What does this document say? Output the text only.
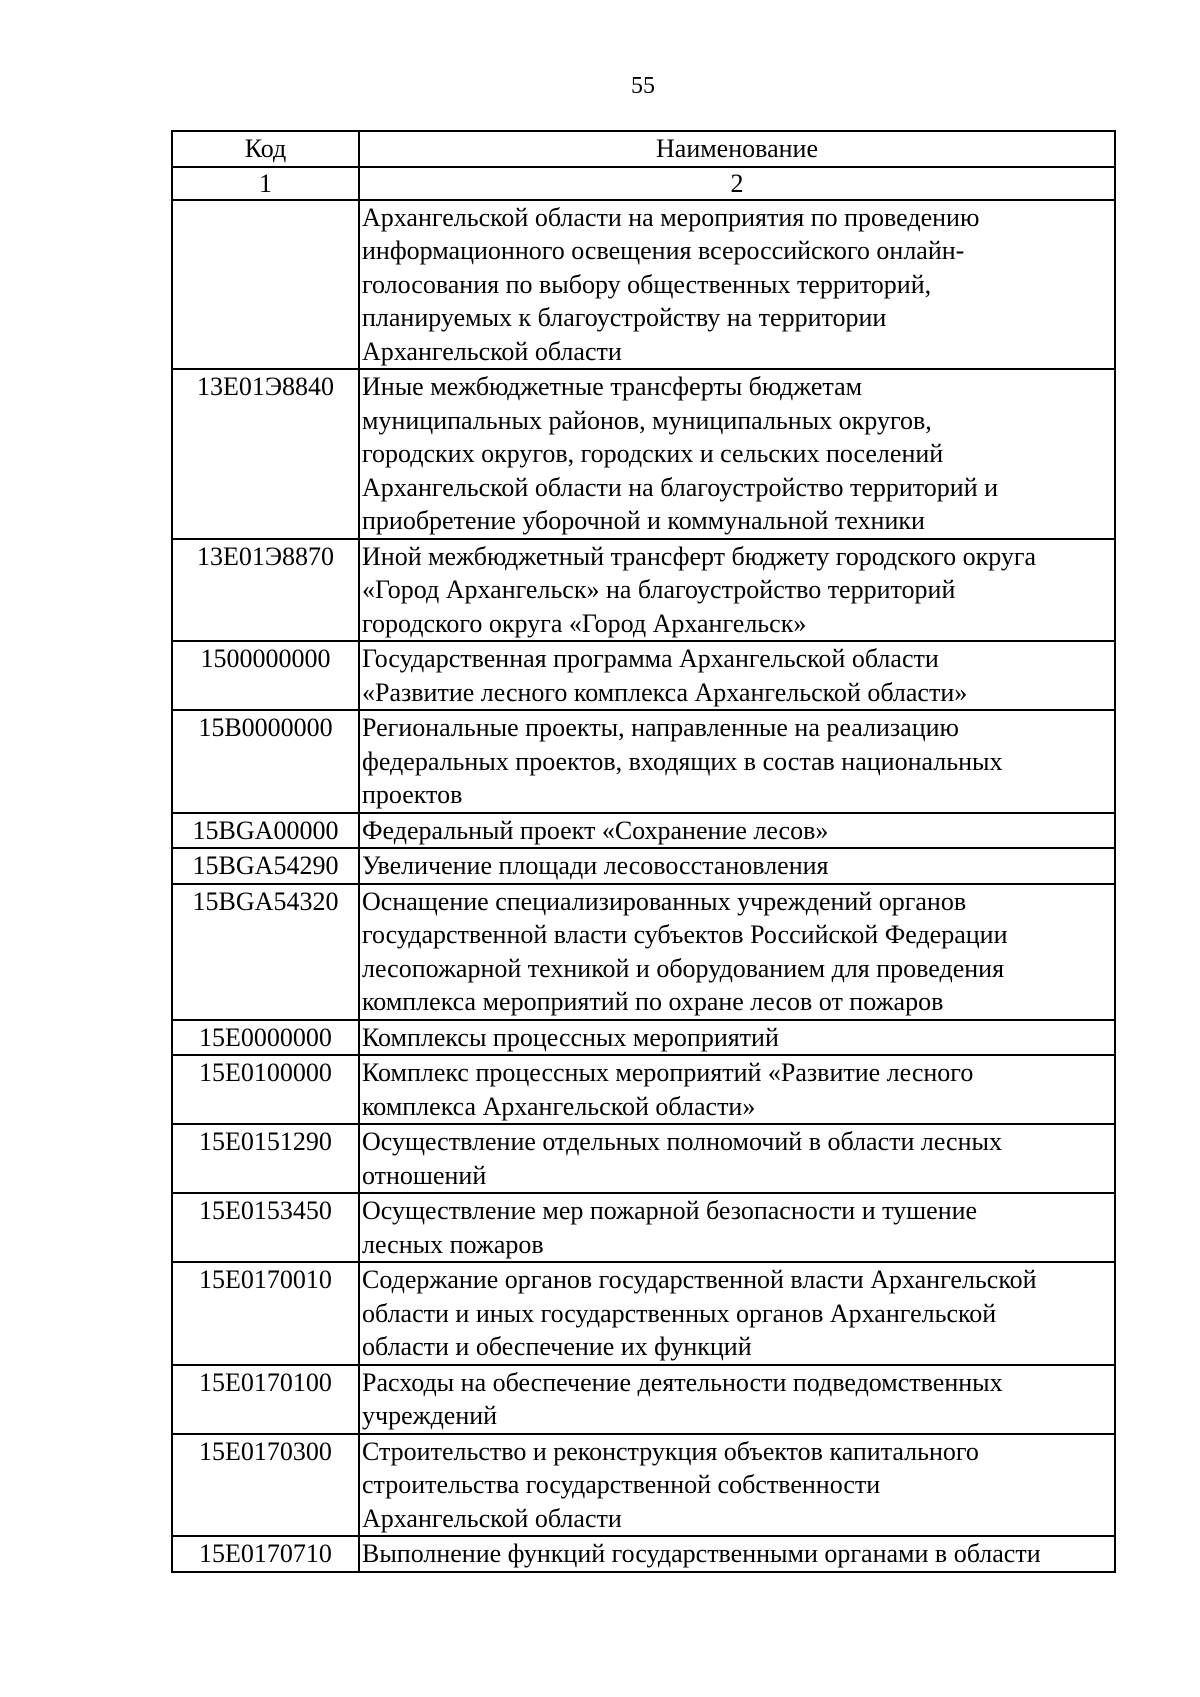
55
Код	Наименование
1	2

	Архангельской области на мероприятия по проведению
информационного освещения всероссийского онлайн-
голосования по выбору общественных территорий,
планируемых к благоустройству на территории
Архангельской области

13Е01Э8840	Иные межбюджетные трансферты бюджетам
муниципальных районов, муниципальных округов,
городских округов, городских и сельских поселений
Архангельской области на благоустройство территорий и
приобретение уборочной и коммунальной техники

13Е01Э8870	Иной межбюджетный трансферт бюджету городского округа
«Город Архангельск» на благоустройство территорий
городского округа «Город Архангельск»

1500000000	Государственная программа Архангельской области
«Развитие лесного комплекса Архангельской области»

15В0000000	Региональные проекты, направленные на реализацию
федеральных проектов, входящих в состав национальных
проектов

15BGA00000	Федеральный проект «Сохранение лесов»

15BGA54290	Увеличение площади лесовосстановления

15BGA54320	Оснащение специализированных учреждений органов
государственной власти субъектов Российской Федерации
лесопожарной техникой и оборудованием для проведения
комплекса мероприятий по охране лесов от пожаров

15Е0000000	Комплексы процессных мероприятий

15Е0100000	Комплекс процессных мероприятий «Развитие лесного
комплекса Архангельской области»

15Е0151290	Осуществление отдельных полномочий в области лесных
отношений

15Е0153450	Осуществление мер пожарной безопасности и тушение
лесных пожаров

15Е0170010	Содержание органов государственной власти Архангельской
области и иных государственных органов Архангельской
области и обеспечение их функций

15Е0170100	Расходы на обеспечение деятельности подведомственных
учреждений

15Е0170300	Строительство и реконструкция объектов капитального
строительства государственной собственности
Архангельской области

15Е0170710	Выполнение функций государственными органами в области
